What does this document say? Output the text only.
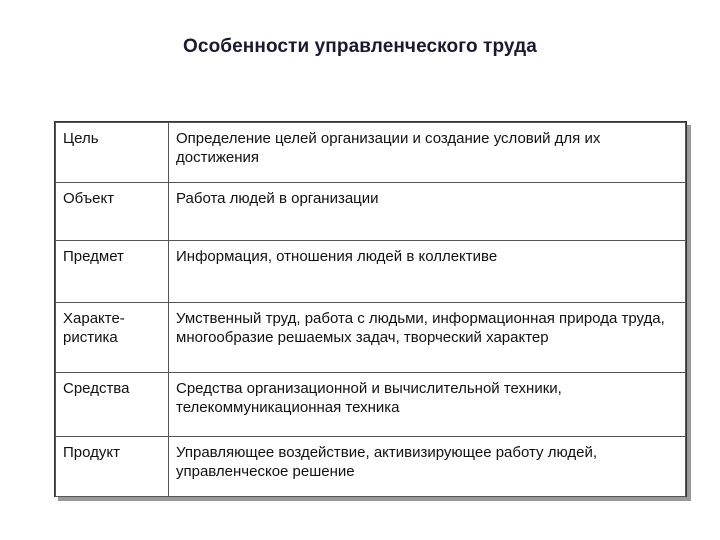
Особенности управленческого труда
Цель	Определение целей организации и создание условий для их достижения
Объект	Работа людей в организации
Предмет	Информация, отношения людей в коллективе
Характе-ристика	Умственный труд, работа с людьми, информационная природа труда, многообразие решаемых задач, творческий характер
Средства	Средства организационной и вычислительной техники, телекоммуникационная техника
Продукт	Управляющее воздействие, активизирующее работу людей, управленческое решение
